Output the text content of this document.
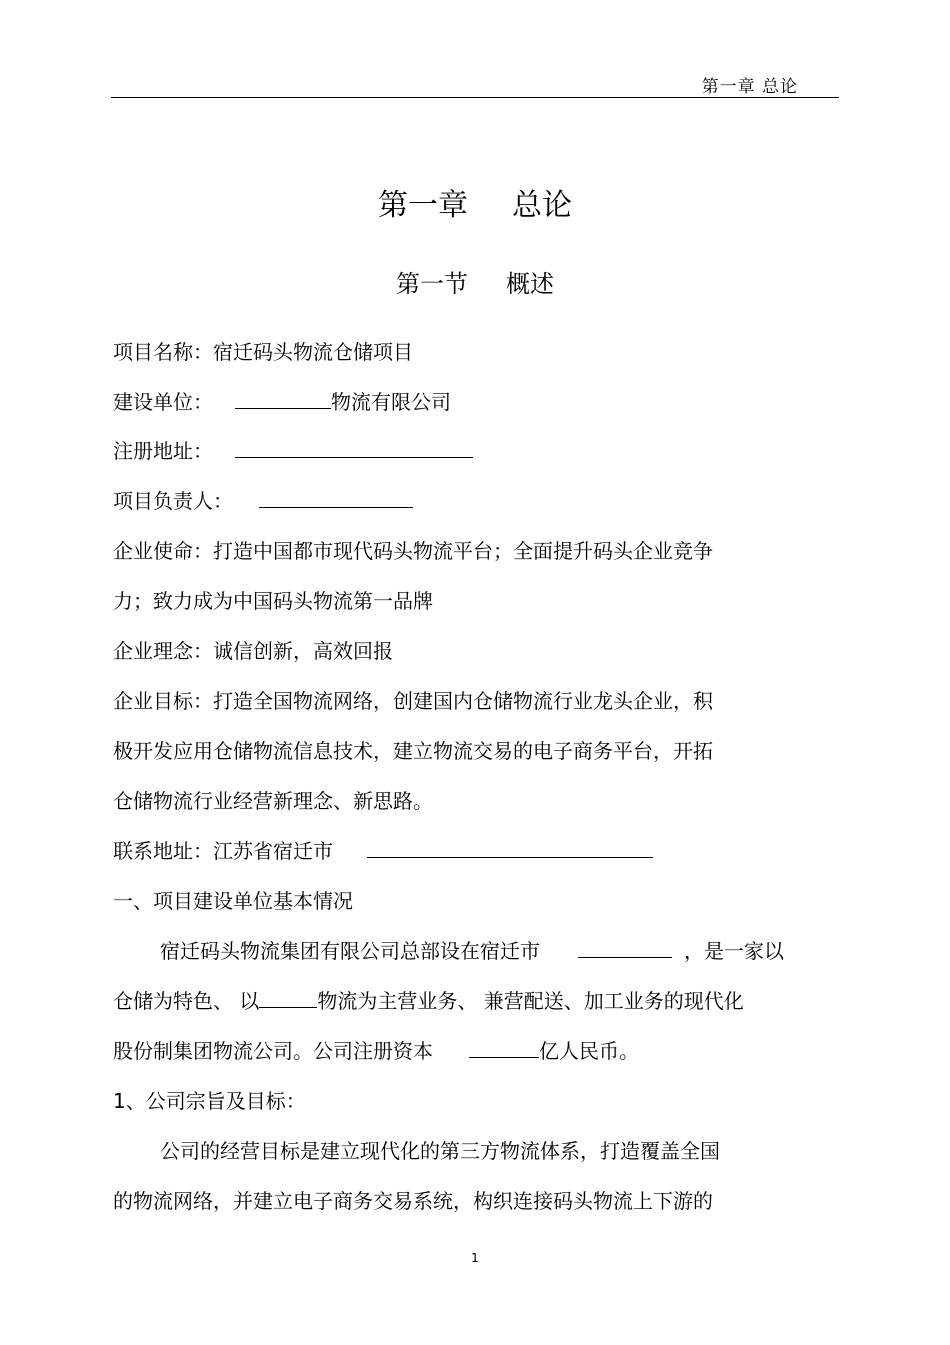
第一章 总论
第一章 总论
第一节 概述
项目名称：宿迁码头物流仓储项目
建设单位：	物流有限公司
注册地址：
项目负责人：
企业使命：打造中国都市现代码头物流平台；全面提升码头企业竞争
力；致力成为中国码头物流第一品牌
企业理念：诚信创新，高效回报
企业目标：打造全国物流网络，创建国内仓储物流行业龙头企业，积
极开发应用仓储物流信息技术，建立物流交易的电子商务平台，开拓
仓储物流行业经营新理念、新思路。
联系地址：江苏省宿迁市
一、项目建设单位基本情况
宿迁码头物流集团有限公司总部设在宿迁市	，是一家以
仓储为特色、 以	物流为主营业务、 兼营配送、加工业务的现代化
股份制集团物流公司。公司注册资本	亿人民币。
1、公司宗旨及目标：
公司的经营目标是建立现代化的第三方物流体系，打造覆盖全国
的物流网络，并建立电子商务交易系统，构织连接码头物流上下游的
1
